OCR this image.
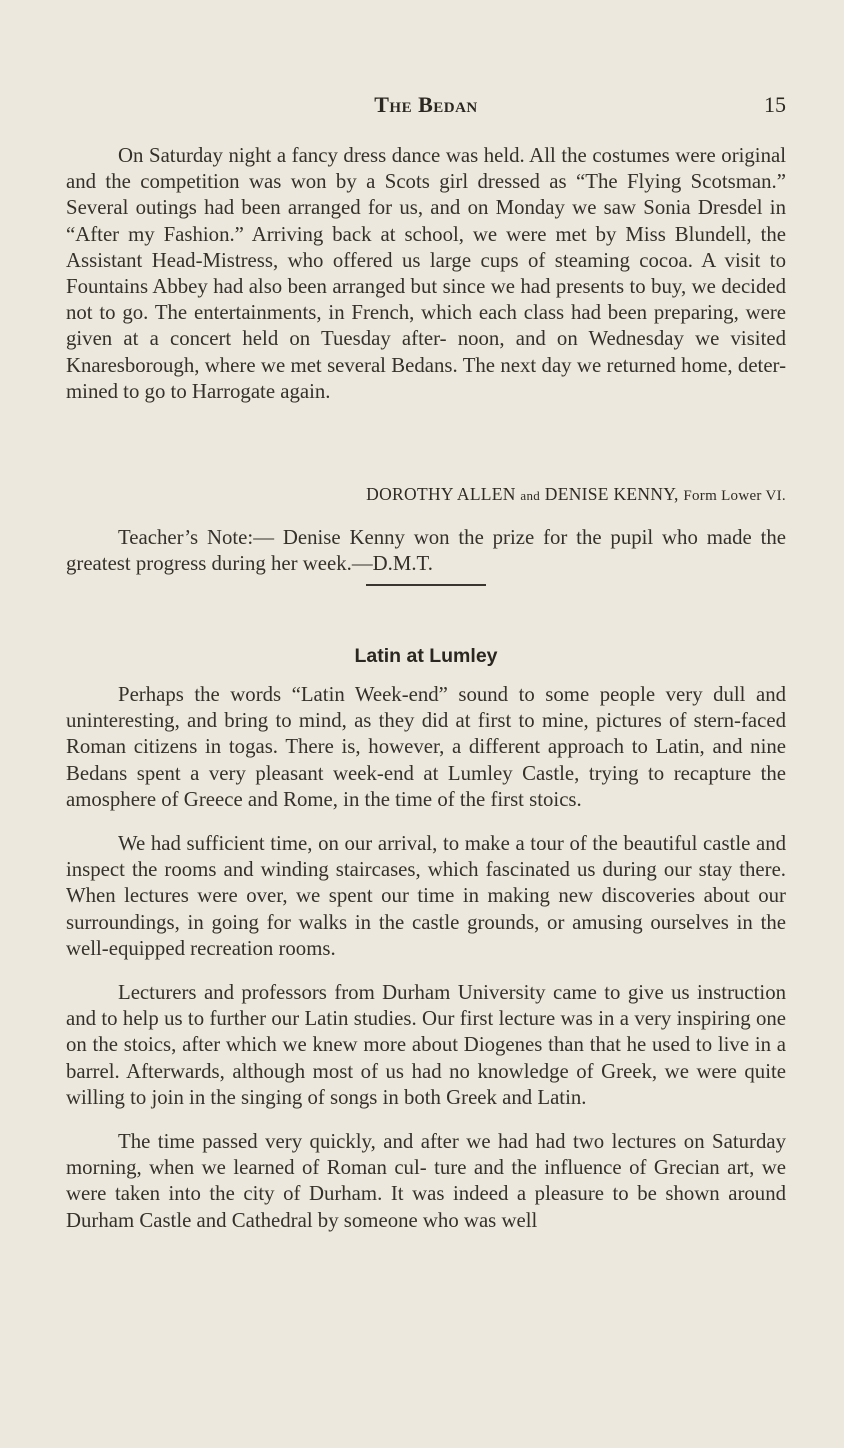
The Bedan	15

On Saturday night a fancy dress dance was held. All the costumes were original and the competition was won by a Scots girl dressed as “The Flying Scotsman.” Several outings had been arranged for us, and on Monday we saw Sonia Dresdel in “After my Fashion.” Arriving back at school, we were met by Miss Blundell, the Assistant Head-Mistress, who offered us large cups of steaming cocoa. A visit to Fountains Abbey had also been arranged but since we had presents to buy, we decided not to go. The entertainments, in French, which each class had been preparing, were given at a concert held on Tuesday after- noon, and on Wednesday we visited Knaresborough, where we met several Bedans. The next day we returned home, deter- mined to go to Harrogate again.

DOROTHY ALLEN and DENISE KENNY, Form Lower VI.

Teacher’s Note:— Denise Kenny won the prize for the pupil who made the greatest progress during her week.—D.M.T.

Latin at Lumley

Perhaps the words “Latin Week-end” sound to some people very dull and uninteresting, and bring to mind, as they did at first to mine, pictures of stern-faced Roman citizens in togas. There is, however, a different approach to Latin, and nine Bedans spent a very pleasant week-end at Lumley Castle, trying to recapture the amosphere of Greece and Rome, in the time of the first stoics.

We had sufficient time, on our arrival, to make a tour of the beautiful castle and inspect the rooms and winding staircases, which fascinated us during our stay there. When lectures were over, we spent our time in making new discoveries about our surroundings, in going for walks in the castle grounds, or amusing ourselves in the well-equipped recreation rooms.

Lecturers and professors from Durham University came to give us instruction and to help us to further our Latin studies. Our first lecture was in a very inspiring one on the stoics, after which we knew more about Diogenes than that he used to live in a barrel. Afterwards, although most of us had no knowledge of Greek, we were quite willing to join in the singing of songs in both Greek and Latin.

The time passed very quickly, and after we had had two lectures on Saturday morning, when we learned of Roman cul- ture and the influence of Grecian art, we were taken into the city of Durham. It was indeed a pleasure to be shown around Durham Castle and Cathedral by someone who was well
